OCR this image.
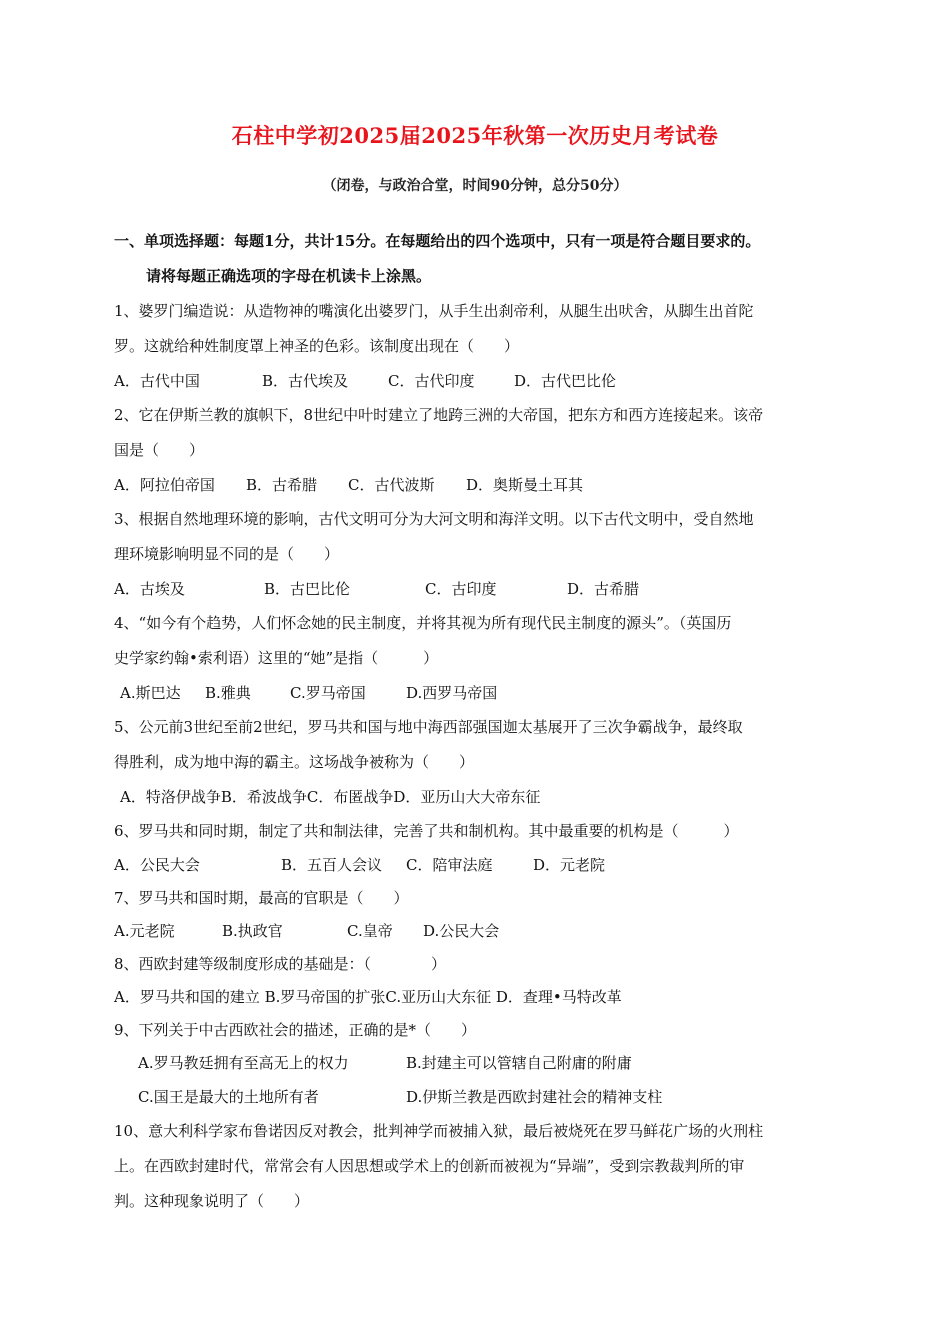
石柱中学初2025届2025年秋第一次历史月考试卷
（闭卷，与政治合堂，时间90分钟，总分50分）
一、单项选择题：每题1分，共计15分。在每题给出的四个选项中，只有一项是符合题目要求的。
请将每题正确选项的字母在机读卡上涂黑。
1、婆罗门编造说：从造物神的嘴演化出婆罗门，从手生出刹帝利，从腿生出吠舍，从脚生出首陀
罗。这就给种姓制度罩上神圣的色彩。该制度出现在（　　）
A．古代中国	B．古代埃及	C．古代印度	D．古代巴比伦
2、它在伊斯兰教的旗帜下，8世纪中叶时建立了地跨三洲的大帝国，把东方和西方连接起来。该帝
国是（　　）
A．阿拉伯帝国 B．古希腊 C．古代波斯 D．奥斯曼土耳其
3、根据自然地理环境的影响，古代文明可分为大河文明和海洋文明。以下古代文明中，受自然地
理环境影响明显不同的是（　　）
A．古埃及	B．古巴比伦	C．古印度	D．古希腊
4、“如今有个趋势，人们怀念她的民主制度，并将其视为所有现代民主制度的源头”。（英国历
史学家约翰•索利语）这里的“她”是指（　　　）
A.斯巴达 B.雅典	C.罗马帝国	D.西罗马帝国
5、公元前3世纪至前2世纪，罗马共和国与地中海西部强国迦太基展开了三次争霸战争，最终取
得胜利，成为地中海的霸主。这场战争被称为（　　）
A．特洛伊战争B．希波战争C．布匿战争D．亚历山大大帝东征
6、罗马共和同时期，制定了共和制法律，完善了共和制机构。其中最重要的机构是（　　　）
A．公民大会	B．五百人会议 C．陪审法庭	D．元老院
7、罗马共和国时期，最高的官职是（　　）
A.元老院	B.执政官	C.皇帝 D.公民大会
8、西欧封建等级制度形成的基础是：（　　　　）
A．罗马共和国的建立 B.罗马帝国的扩张C.亚历山大东征 D．查理•马特改革
9、下列关于中古西欧社会的描述，正确的是*（　　）
A.罗马教廷拥有至高无上的权力	B.封建主可以管辖自己附庸的附庸
C.国王是最大的土地所有者	D.伊斯兰教是西欧封建社会的精神支柱
10、意大利科学家布鲁诺因反对教会，批判神学而被捕入狱，最后被烧死在罗马鲜花广场的火刑柱
上。在西欧封建时代，常常会有人因思想或学术上的创新而被视为“异端”，受到宗教裁判所的审
判。这种现象说明了（　　）
